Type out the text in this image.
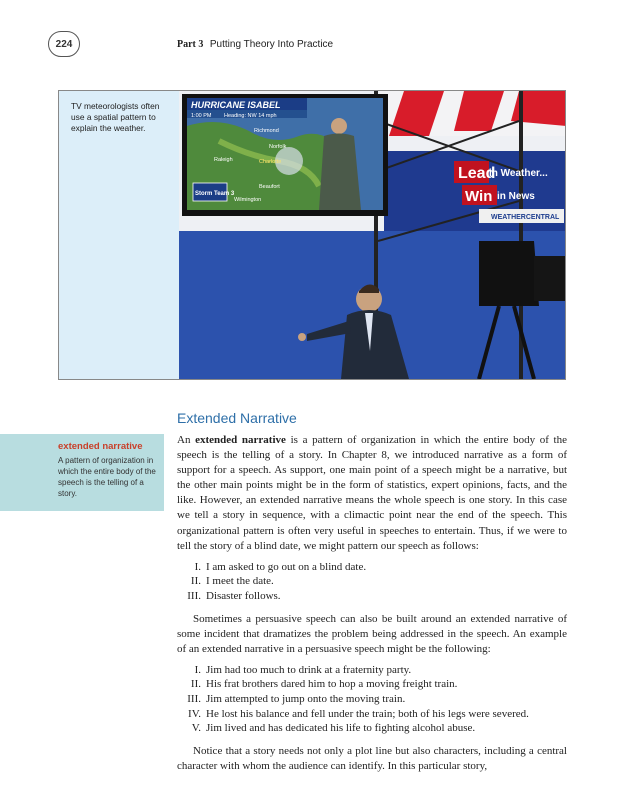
224	Part 3 Putting Theory Into Practice
TV meteorologists often use a spatial pattern to explain the weather.
Lead
in Weather...
Win in News
WEATHERCENTRAL
HURRICANE ISABEL
1:00 PM Heading: NW 14 mph
Richmond
Norfolk
Raleigh	Charlotte
Wilmington
Beaufort
Storm Team 3
Extended Narrative
extended narrative
A pattern of organization in which the entire body of the speech is the telling of a story.

An extended narrative is a pattern of organization in which the entire body of the speech is the telling of a story. In Chapter 8, we introduced narrative as a form of support for a speech. As support, one main point of a speech might be a narrative, but the other main points might be in the form of statistics, expert opinions, facts, and the like. However, an extended narrative means the whole speech is one story. In this case we tell a story in sequence, with a climactic point near the end of the speech. This organizational pattern is often very useful in speeches to entertain. Thus, if we were to tell the story of a blind date, we might pattern our speech as follows:

I. I am asked to go out on a blind date.
II. I meet the date.
III. Disaster follows.

Sometimes a persuasive speech can also be built around an extended narrative of some incident that dramatizes the problem being addressed in the speech. An example of an extended narrative in a persuasive speech might be the following:

I. Jim had too much to drink at a fraternity party.
II. His frat brothers dared him to hop a moving freight train.
III. Jim attempted to jump onto the moving train.
IV. He lost his balance and fell under the train; both of his legs were severed.
V. Jim lived and has dedicated his life to fighting alcohol abuse.

Notice that a story needs not only a plot line but also characters, including a central character with whom the audience can identify. In this particular story,
